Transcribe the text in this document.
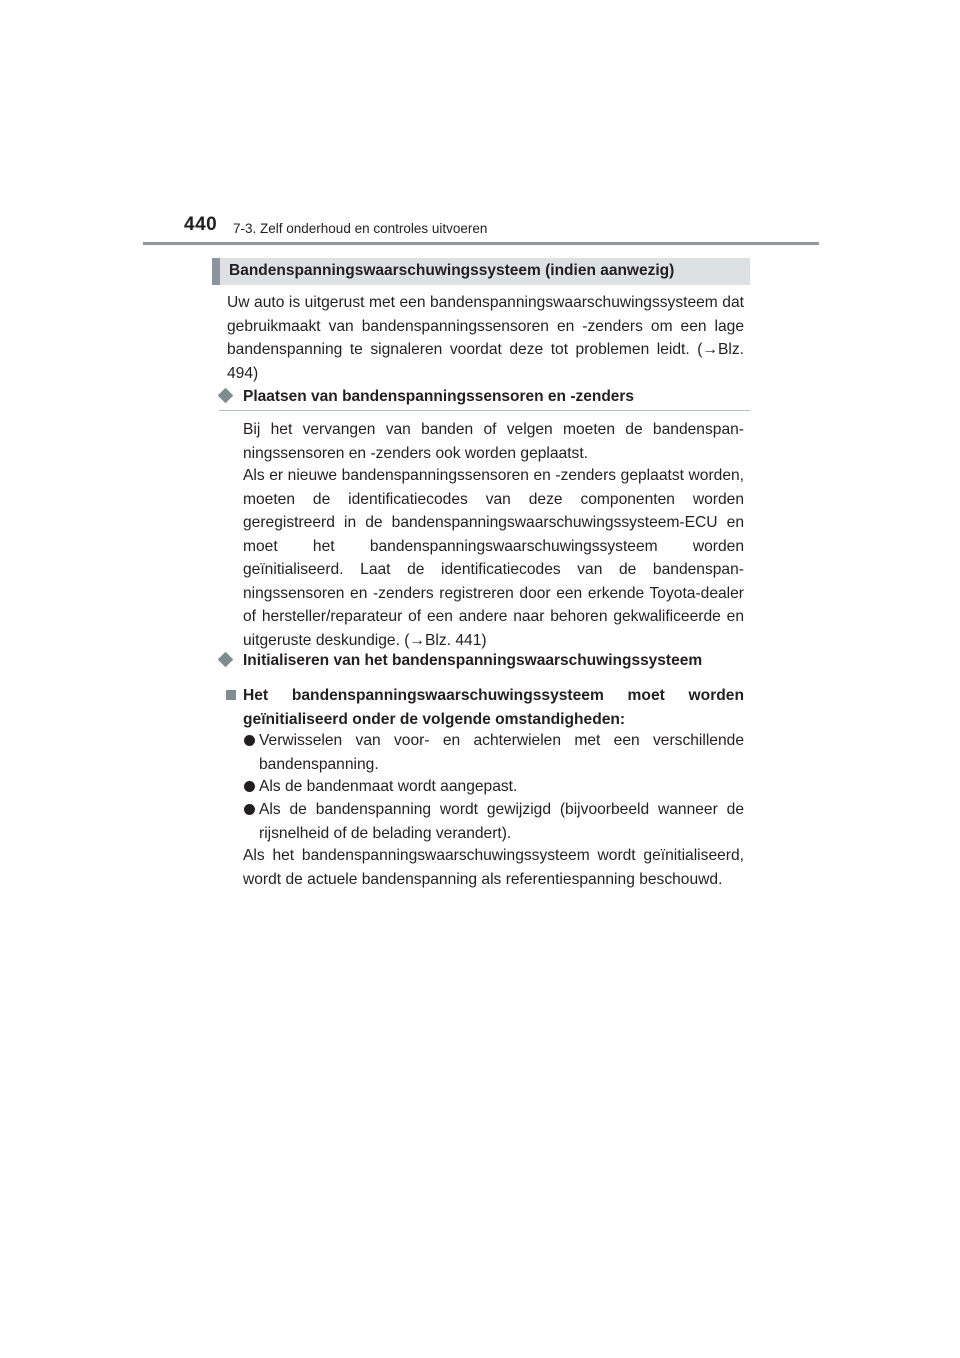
440 7-3. Zelf onderhoud en controles uitvoeren
Bandenspanningswaarschuwingssysteem (indien aanwezig)

Uw auto is uitgerust met een bandenspanningswaarschuwingssysteem dat gebruikmaakt van bandenspanningssensoren en -zenders om een lage bandenspanning te signaleren voordat deze tot problemen leidt. (→Blz. 494)

Plaatsen van bandenspanningssensoren en -zenders

Bij het vervangen van banden of velgen moeten de bandenspanningssensoren en -zenders ook worden geplaatst.

Als er nieuwe bandenspanningssensoren en -zenders geplaatst worden, moeten de identificatiecodes van deze componenten worden geregistreerd in de bandenspanningswaarschuwingssysteem-ECU en moet het bandenspanningswaarschuwingssysteem worden geïnitialiseerd. Laat de identificatiecodes van de bandenspanningssensoren en -zenders registreren door een erkende Toyota-dealer of hersteller/reparateur of een andere naar behoren gekwalificeerde en uitgeruste deskundige. (→Blz. 441)

Initialiseren van het bandenspanningswaarschuwingssysteem
Het bandenspanningswaarschuwingssysteem moet worden geïnitialiseerd onder de volgende omstandigheden:
Verwisselen van voor- en achterwielen met een verschillende bandenspanning.
Als de bandenmaat wordt aangepast.
Als de bandenspanning wordt gewijzigd (bijvoorbeeld wanneer de rijsnelheid of de belading verandert).

Als het bandenspanningswaarschuwingssysteem wordt geïnitialiseerd, wordt de actuele bandenspanning als referentiespanning beschouwd.
